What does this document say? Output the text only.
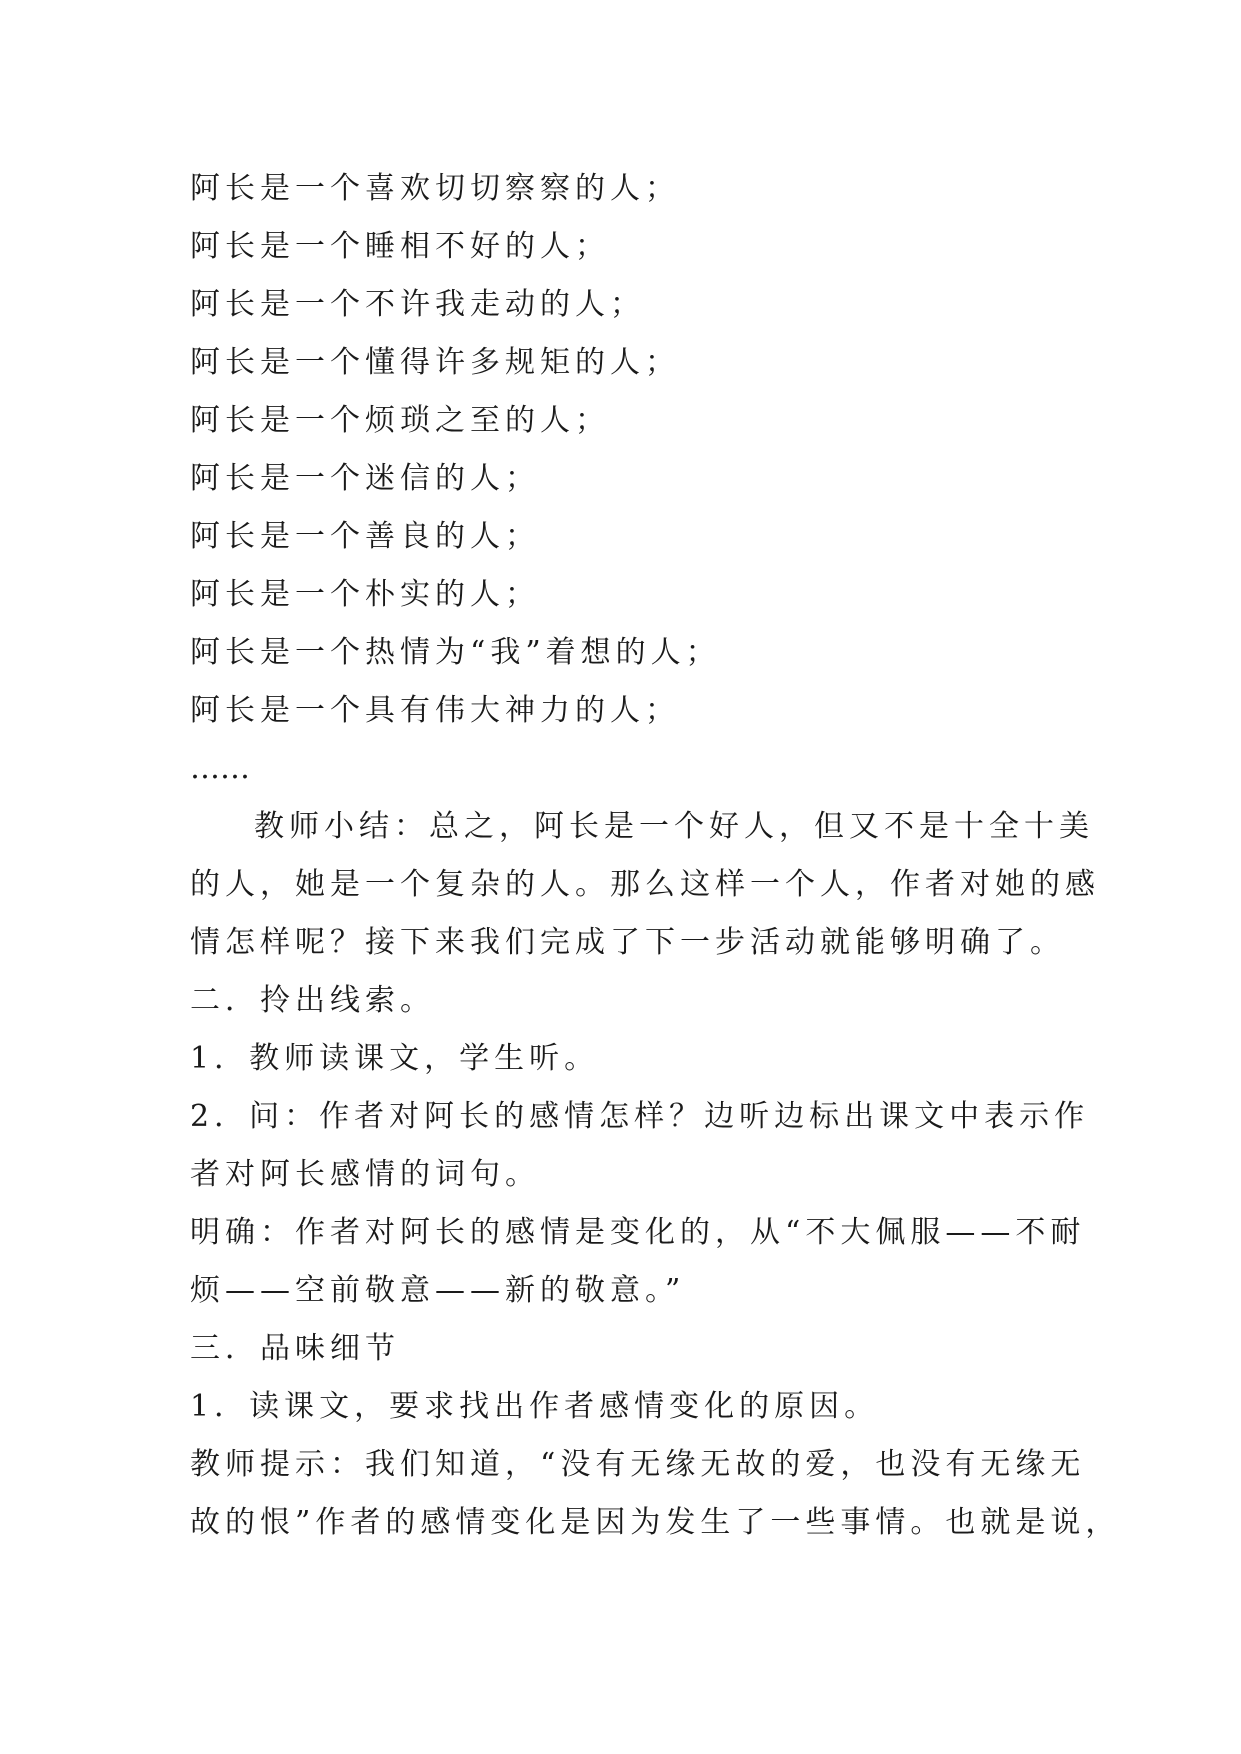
阿长是一个喜欢切切察察的人；
阿长是一个睡相不好的人；
阿长是一个不许我走动的人；
阿长是一个懂得许多规矩的人；
阿长是一个烦琐之至的人；
阿长是一个迷信的人；
阿长是一个善良的人；
阿长是一个朴实的人；
阿长是一个热情为“我”着想的人；
阿长是一个具有伟大神力的人；
……
教师小结：总之，阿长是一个好人，但又不是十全十美
的人，她是一个复杂的人。那么这样一个人，作者对她的感
情怎样呢？接下来我们完成了下一步活动就能够明确了。
二．拎出线索。
1．教师读课文，学生听。
2．问：作者对阿长的感情怎样？边听边标出课文中表示作
者对阿长感情的词句。
明确：作者对阿长的感情是变化的，从“不大佩服——不耐
烦——空前敬意——新的敬意。”
三．品味细节
1．读课文，要求找出作者感情变化的原因。
教师提示：我们知道，“没有无缘无故的爱，也没有无缘无
故的恨”作者的感情变化是因为发生了一些事情。也就是说，
